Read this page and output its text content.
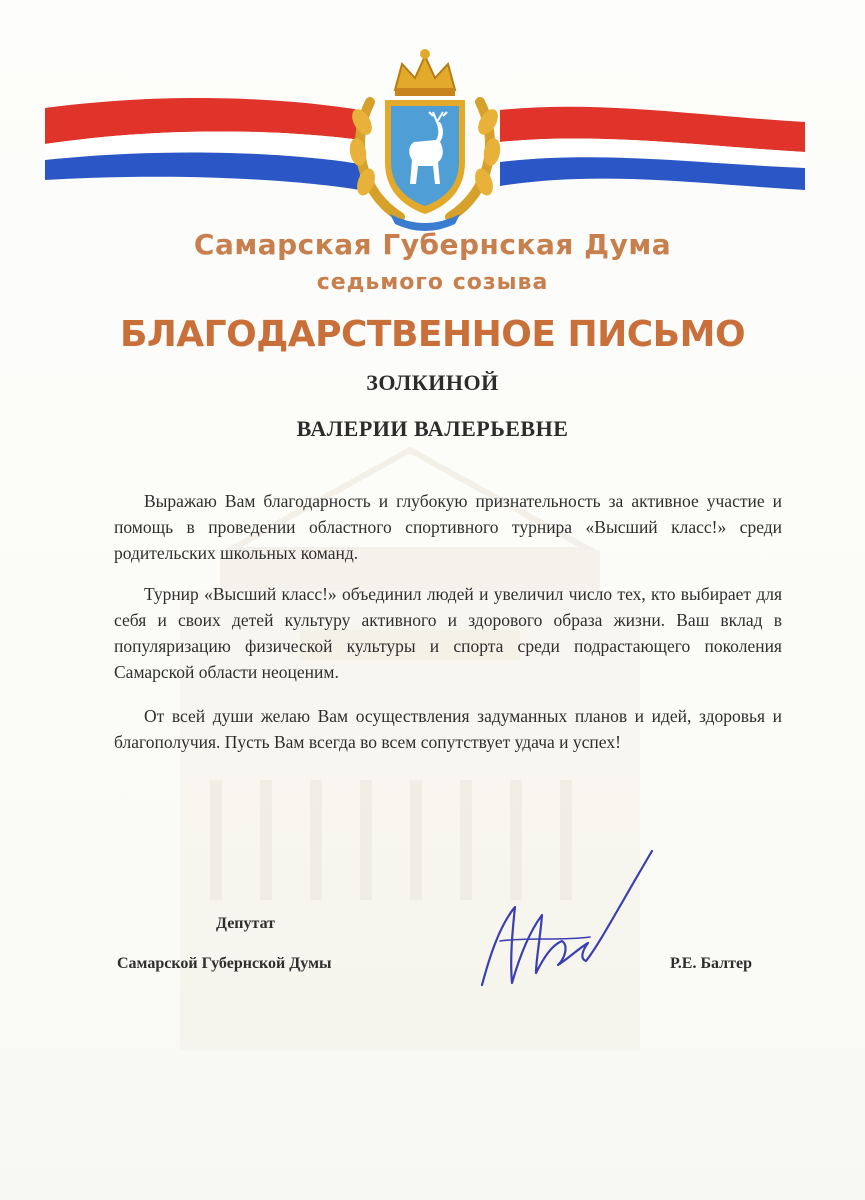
Самарская Губернская Дума
седьмого созыва
БЛАГОДАРСТВЕННОЕ ПИСЬМО
ЗОЛКИНОЙ
ВАЛЕРИИ ВАЛЕРЬЕВНЕ

Выражаю Вам благодарность и глубокую признательность за активное участие и помощь в проведении областного спортивного турнира «Высший класс!» среди родительских школьных команд.

Турнир «Высший класс!» объединил людей и увеличил число тех, кто выбирает для себя и своих детей культуру активного и здорового образа жизни. Ваш вклад в популяризацию физической культуры и спорта среди подрастающего поколения Самарской области неоценим.

От всей души желаю Вам осуществления задуманных планов и идей, здоровья и благополучия. Пусть Вам всегда во всем сопутствует удача и успех!

Депутат
Самарской Губернской Думы	Р.Е. Балтер
